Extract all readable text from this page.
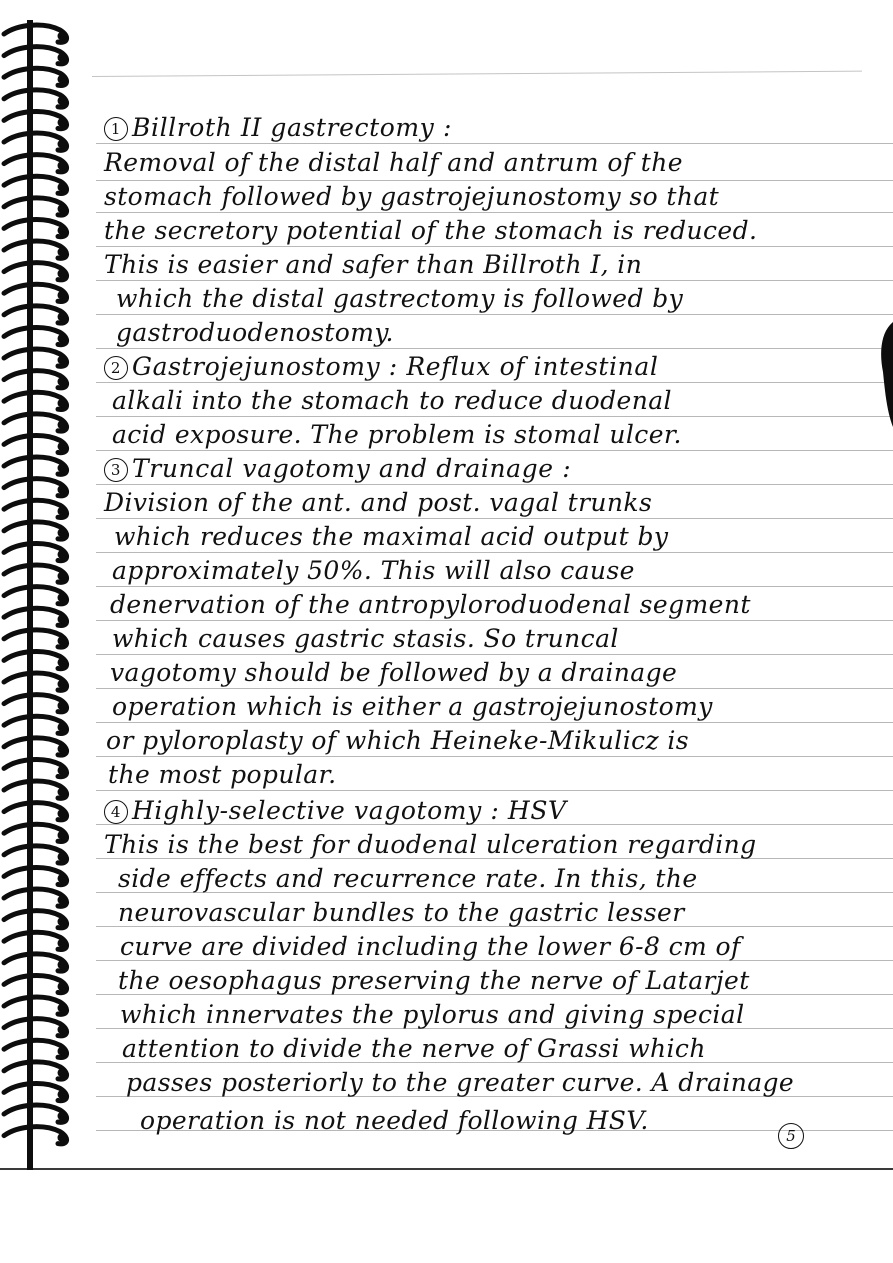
1 Billroth II gastrectomy :
Removal of the distal half and antrum of the
stomach followed by gastrojejunostomy so that
the secretory potential of the stomach is reduced.
This is easier and safer than Billroth I, in
which the distal gastrectomy is followed by
gastroduodenostomy.
2 Gastrojejunostomy : Reflux of intestinal
alkali into the stomach to reduce duodenal
acid exposure. The problem is stomal ulcer.
3 Truncal vagotomy and drainage :
Division of the ant. and post. vagal trunks
which reduces the maximal acid output by
approximately 50%. This will also cause
denervation of the antropyloroduodenal segment
which causes gastric stasis. So truncal
vagotomy should be followed by a drainage
operation which is either a gastrojejunostomy
or pyloroplasty of which Heineke-Mikulicz is
the most popular.
4 Highly-selective vagotomy : HSV
This is the best for duodenal ulceration regarding
side effects and recurrence rate. In this, the
neurovascular bundles to the gastric lesser
curve are divided including the lower 6-8 cm of
the oesophagus preserving the nerve of Latarjet
which innervates the pylorus and giving special
attention to divide the nerve of Grassi which
passes posteriorly to the greater curve. A drainage
operation is not needed following HSV.
5
